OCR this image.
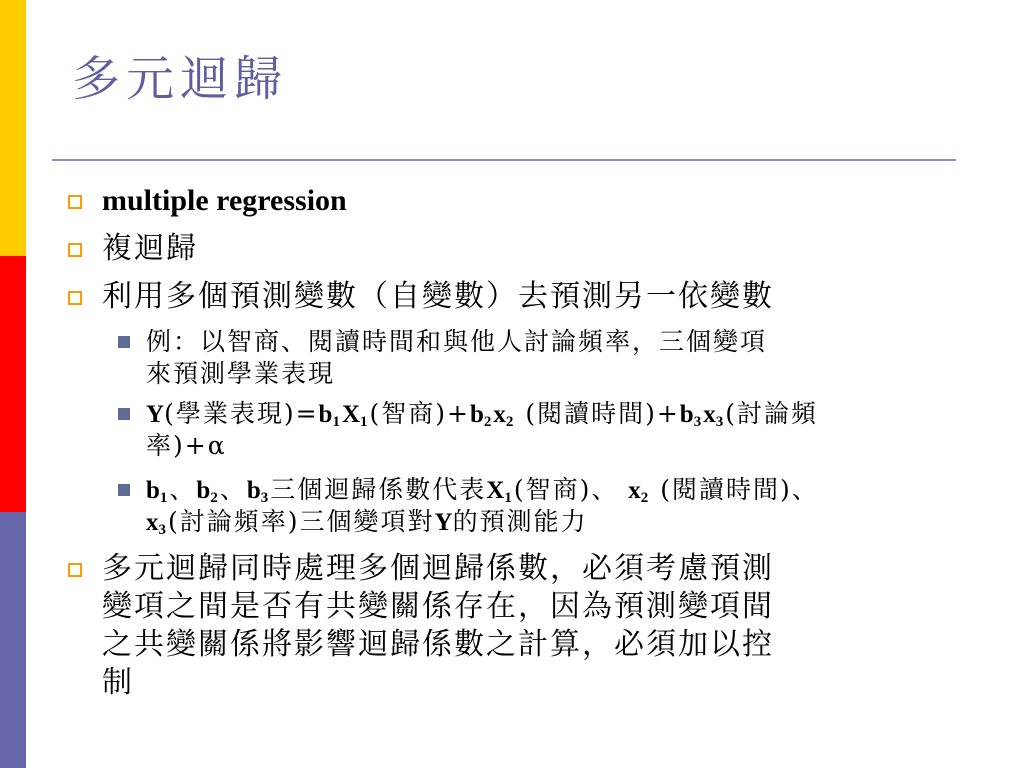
多元迴歸
multiple regression
複迴歸
利用多個預測變數（自變數）去預測另一依變數
例：以智商、閱讀時間和與他人討論頻率，三個變項
來預測學業表現
Y(學業表現)$=b_1X_1$(智商)$+b_2x_2$ (閱讀時間)$+b_3x_3$(討論頻
率)+α
$b_1$、$b_2$、$b_3$三個迴歸係數代表$X_1$(智商)、 $x_2$ (閱讀時間)、
$x_3$(討論頻率)三個變項對Y的預測能力
多元迴歸同時處理多個迴歸係數，必須考慮預測
變項之間是否有共變關係存在，因為預測變項間
之共變關係將影響迴歸係數之計算，必須加以控
制
